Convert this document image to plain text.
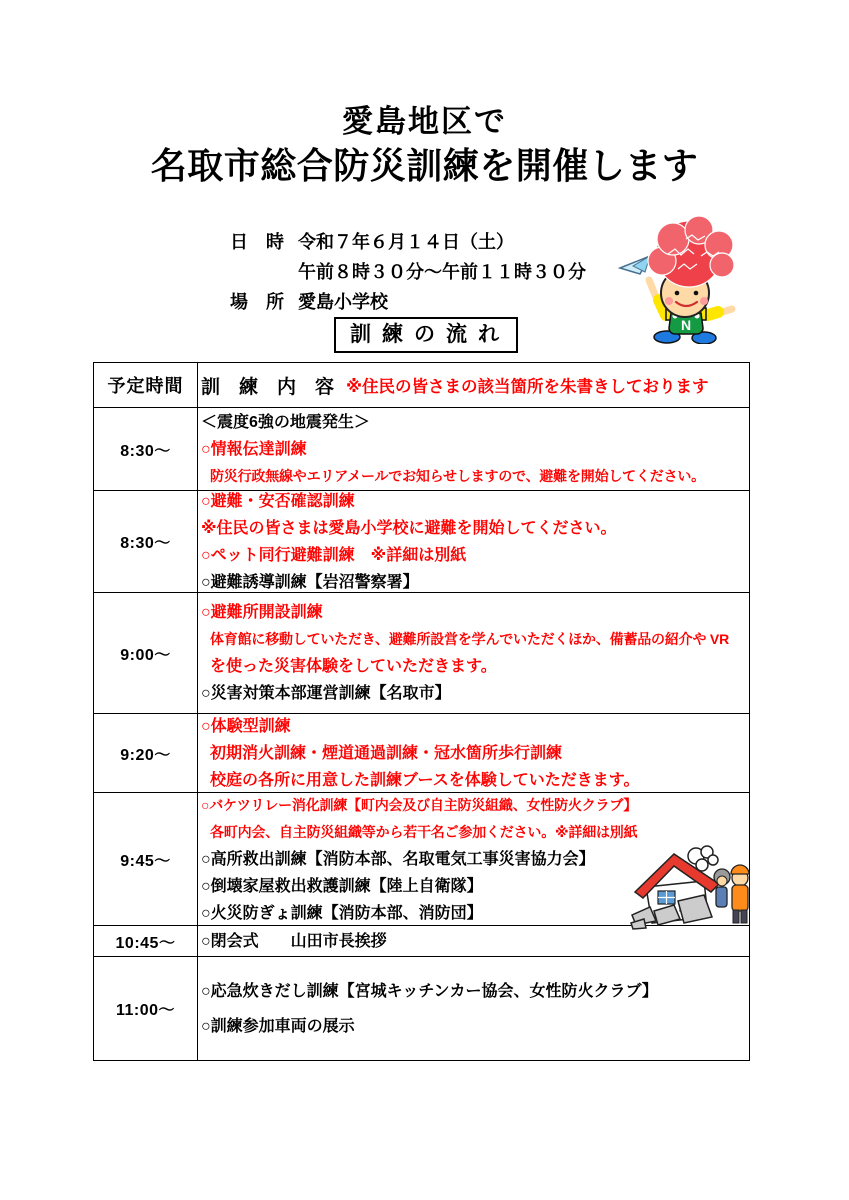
愛島地区で
名取市総合防災訓練を開催します
日　時 令和７年６月１４日（土）
午前８時３０分～午前１１時３０分
場　所 愛島小学校
N
訓練の流れ
予定時間 訓　練　内　容 ※住民の皆さまの該当箇所を朱書きしております
8:30～
＜震度6強の地震発生＞
○情報伝達訓練
防災行政無線やエリアメールでお知らせしますので、避難を開始してください。
8:30～
○避難・安否確認訓練
※住民の皆さまは愛島小学校に避難を開始してください。
○ペット同行避難訓練　※詳細は別紙
○避難誘導訓練【岩沼警察署】
9:00～
○避難所開設訓練
体育館に移動していただき、避難所設営を学んでいただくほか、備蓄品の紹介や VR
を使った災害体験をしていただきます。
○災害対策本部運営訓練【名取市】
9:20～
○体験型訓練
初期消火訓練・煙道通過訓練・冠水箇所歩行訓練
校庭の各所に用意した訓練ブースを体験していただきます。
9:45～
○バケツリレー消化訓練【町内会及び自主防災組織、女性防火クラブ】
各町内会、自主防災組織等から若干名ご参加ください。※詳細は別紙
○高所救出訓練【消防本部、名取電気工事災害協力会】
○倒壊家屋救出救護訓練【陸上自衛隊】
○火災防ぎょ訓練【消防本部、消防団】
10:45～	○閉会式　　山田市長挨拶
11:00～
○応急炊きだし訓練【宮城キッチンカー協会、女性防火クラブ】
○訓練参加車両の展示
